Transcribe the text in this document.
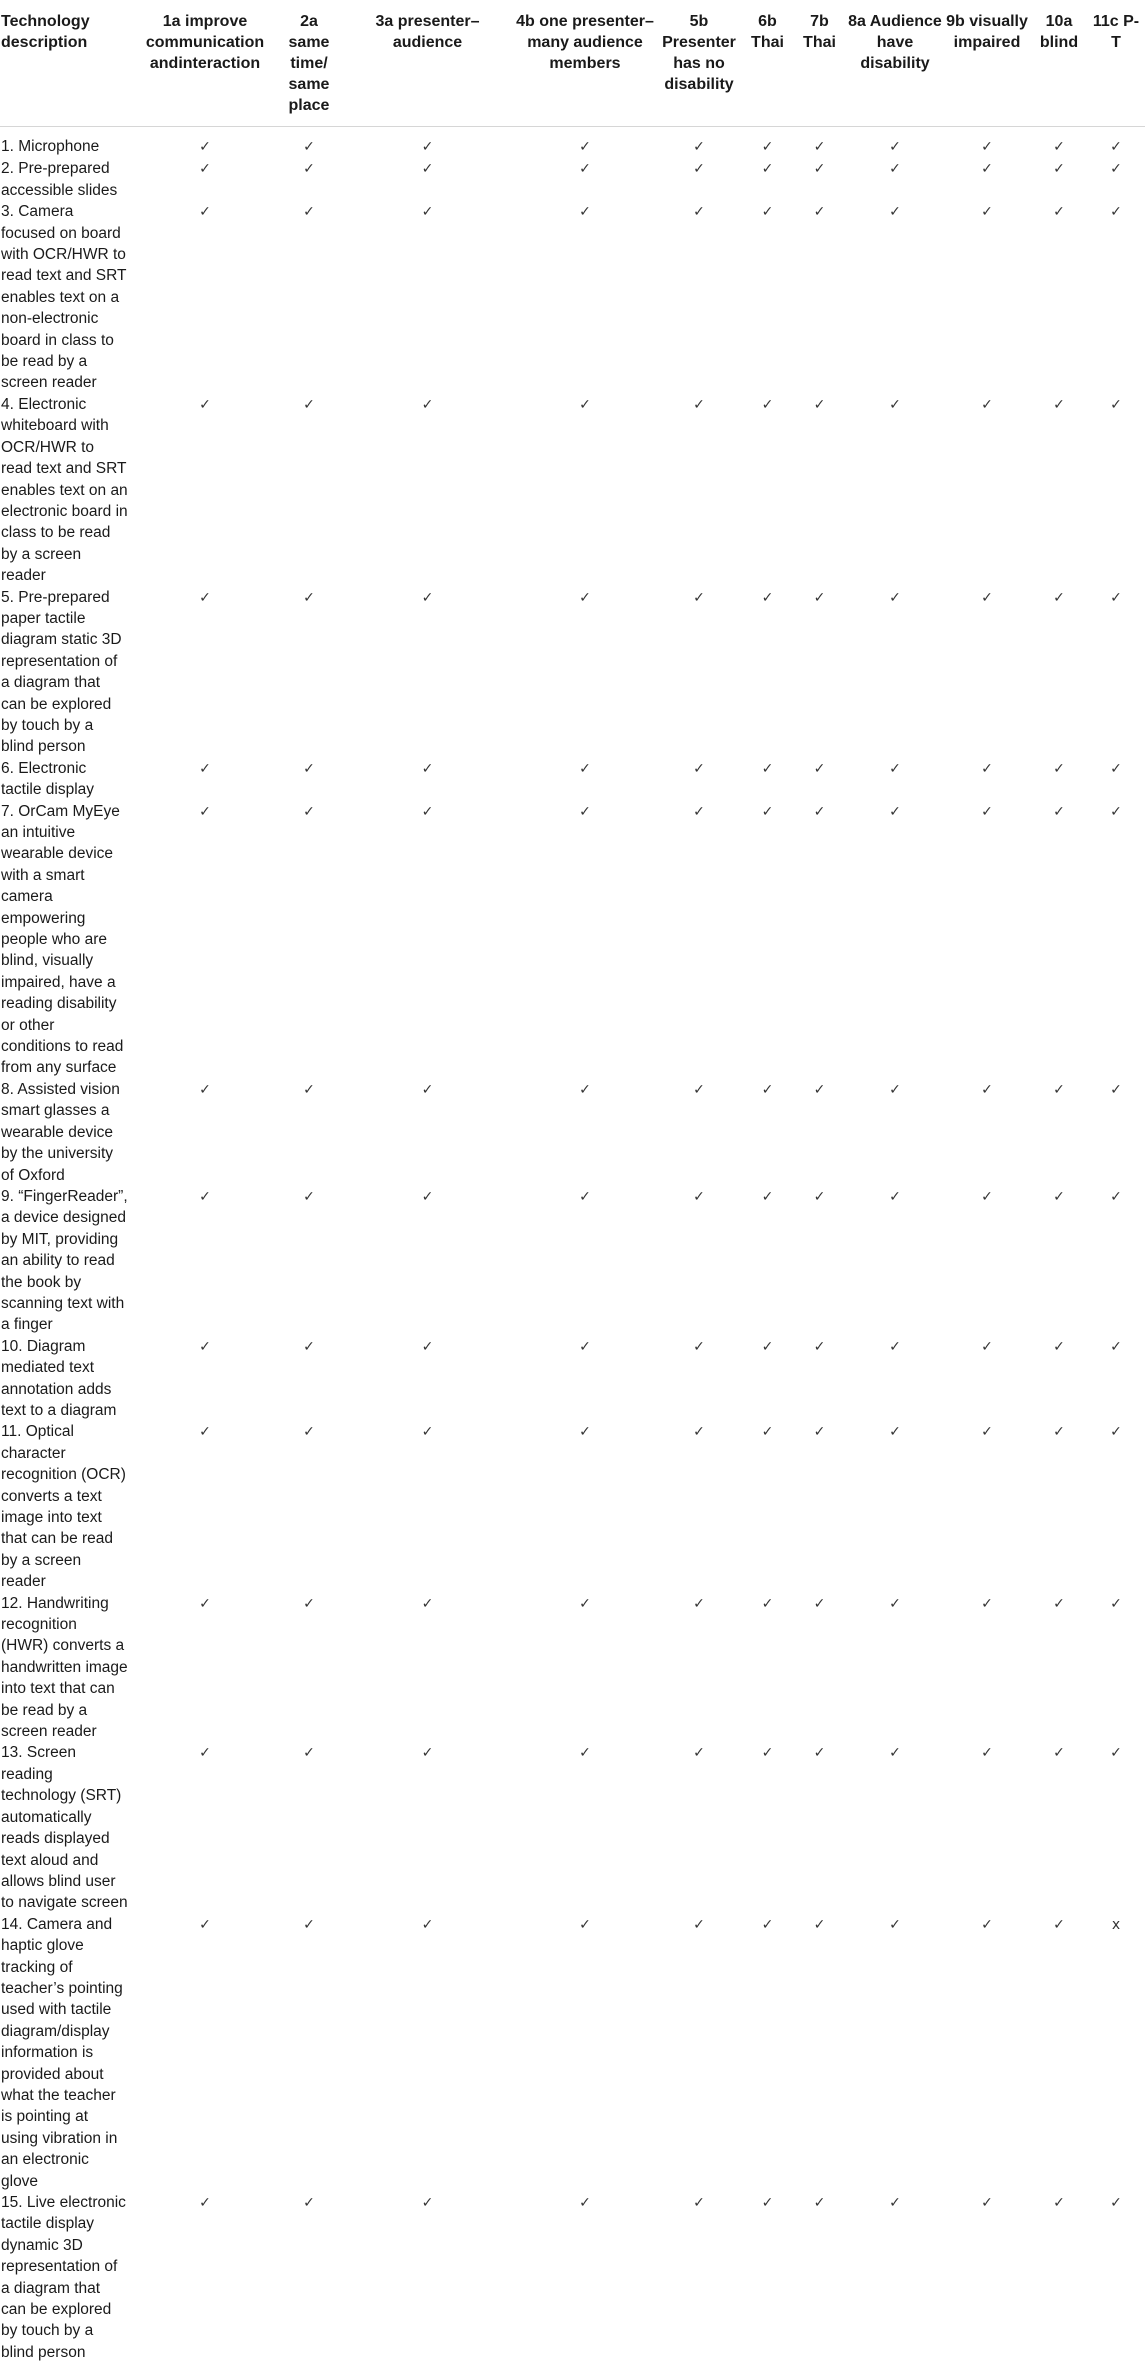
Technology description	1a improve communication andinteraction	2a same time/ same place	3a presenter–audience	4b one presenter–many audience members	5b Presenter has no disability	6b Thai	7b Thai	8a Audience have disability	9b visually impaired	10a blind	11c P-T
1. Microphone	✓	✓	✓	✓	✓	✓	✓	✓	✓	✓	✓
2. Pre-prepared accessible slides	✓	✓	✓	✓	✓	✓	✓	✓	✓	✓	✓
3. Camera focused on board with OCR/HWR to read text and SRT enables text on a non-electronic board in class to be read by a screen reader	✓	✓	✓	✓	✓	✓	✓	✓	✓	✓	✓
4. Electronic whiteboard with OCR/HWR to read text and SRT enables text on an electronic board in class to be read by a screen reader	✓	✓	✓	✓	✓	✓	✓	✓	✓	✓	✓
5. Pre-prepared paper tactile diagram static 3D representation of a diagram that can be explored by touch by a blind person	✓	✓	✓	✓	✓	✓	✓	✓	✓	✓	✓
6. Electronic tactile display	✓	✓	✓	✓	✓	✓	✓	✓	✓	✓	✓
7. OrCam MyEye an intuitive wearable device with a smart camera empowering people who are blind, visually impaired, have a reading disability or other conditions to read from any surface	✓	✓	✓	✓	✓	✓	✓	✓	✓	✓	✓
8. Assisted vision smart glasses a wearable device by the university of Oxford	✓	✓	✓	✓	✓	✓	✓	✓	✓	✓	✓
9. “FingerReader”, a device designed by MIT, providing an ability to read the book by scanning text with a finger	✓	✓	✓	✓	✓	✓	✓	✓	✓	✓	✓
10. Diagram mediated text annotation adds text to a diagram	✓	✓	✓	✓	✓	✓	✓	✓	✓	✓	✓
11. Optical character recognition (OCR) converts a text image into text that can be read by a screen reader	✓	✓	✓	✓	✓	✓	✓	✓	✓	✓	✓
12. Handwriting recognition (HWR) converts a handwritten image into text that can be read by a screen reader	✓	✓	✓	✓	✓	✓	✓	✓	✓	✓	✓
13. Screen reading technology (SRT) automatically reads displayed text aloud and allows blind user to navigate screen	✓	✓	✓	✓	✓	✓	✓	✓	✓	✓	✓
14. Camera and haptic glove tracking of teacher’s pointing used with tactile diagram/display information is provided about what the teacher is pointing at using vibration in an electronic glove	✓	✓	✓	✓	✓	✓	✓	✓	✓	✓	x
15. Live electronic tactile display dynamic 3D representation of a diagram that can be explored by touch by a blind person	✓	✓	✓	✓	✓	✓	✓	✓	✓	✓	✓
